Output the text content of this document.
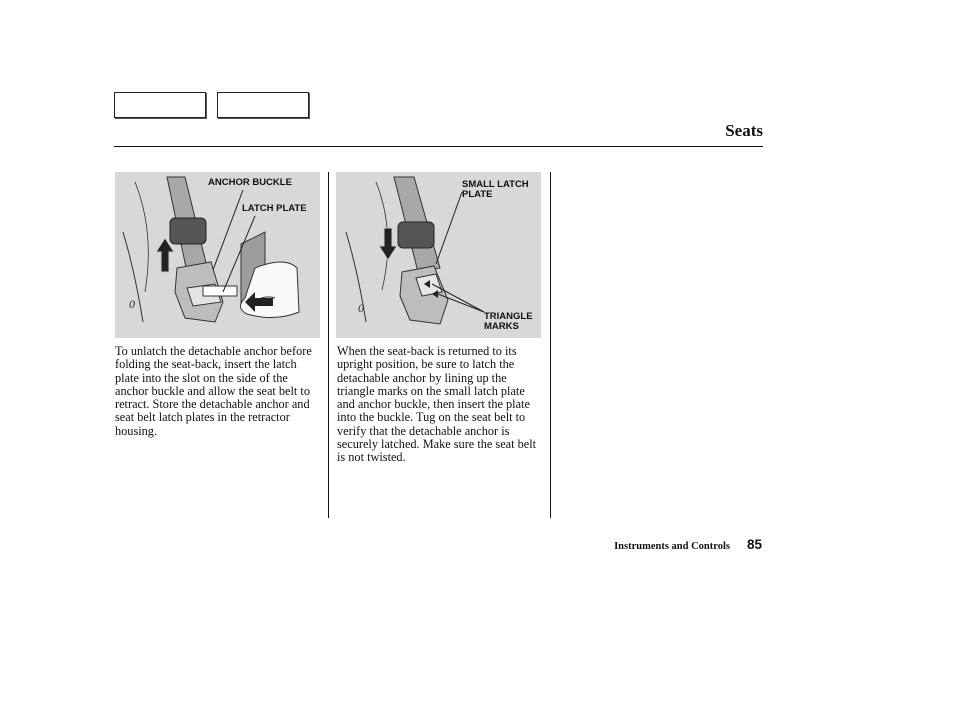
Seats
0
ANCHOR BUCKLE
LATCH PLATE
0
SMALL LATCH
PLATE
TRIANGLE
MARKS
To unlatch the detachable anchor before folding the seat-back, insert the latch plate into the slot on the side of the anchor buckle and allow the seat belt to retract. Store the detachable anchor and seat belt latch plates in the retractor housing.
When the seat-back is returned to its upright position, be sure to latch the detachable anchor by lining up the triangle marks on the small latch plate and anchor buckle, then insert the plate into the buckle. Tug on the seat belt to verify that the detachable anchor is securely latched. Make sure the seat belt is not twisted.
Instruments and Controls 85
